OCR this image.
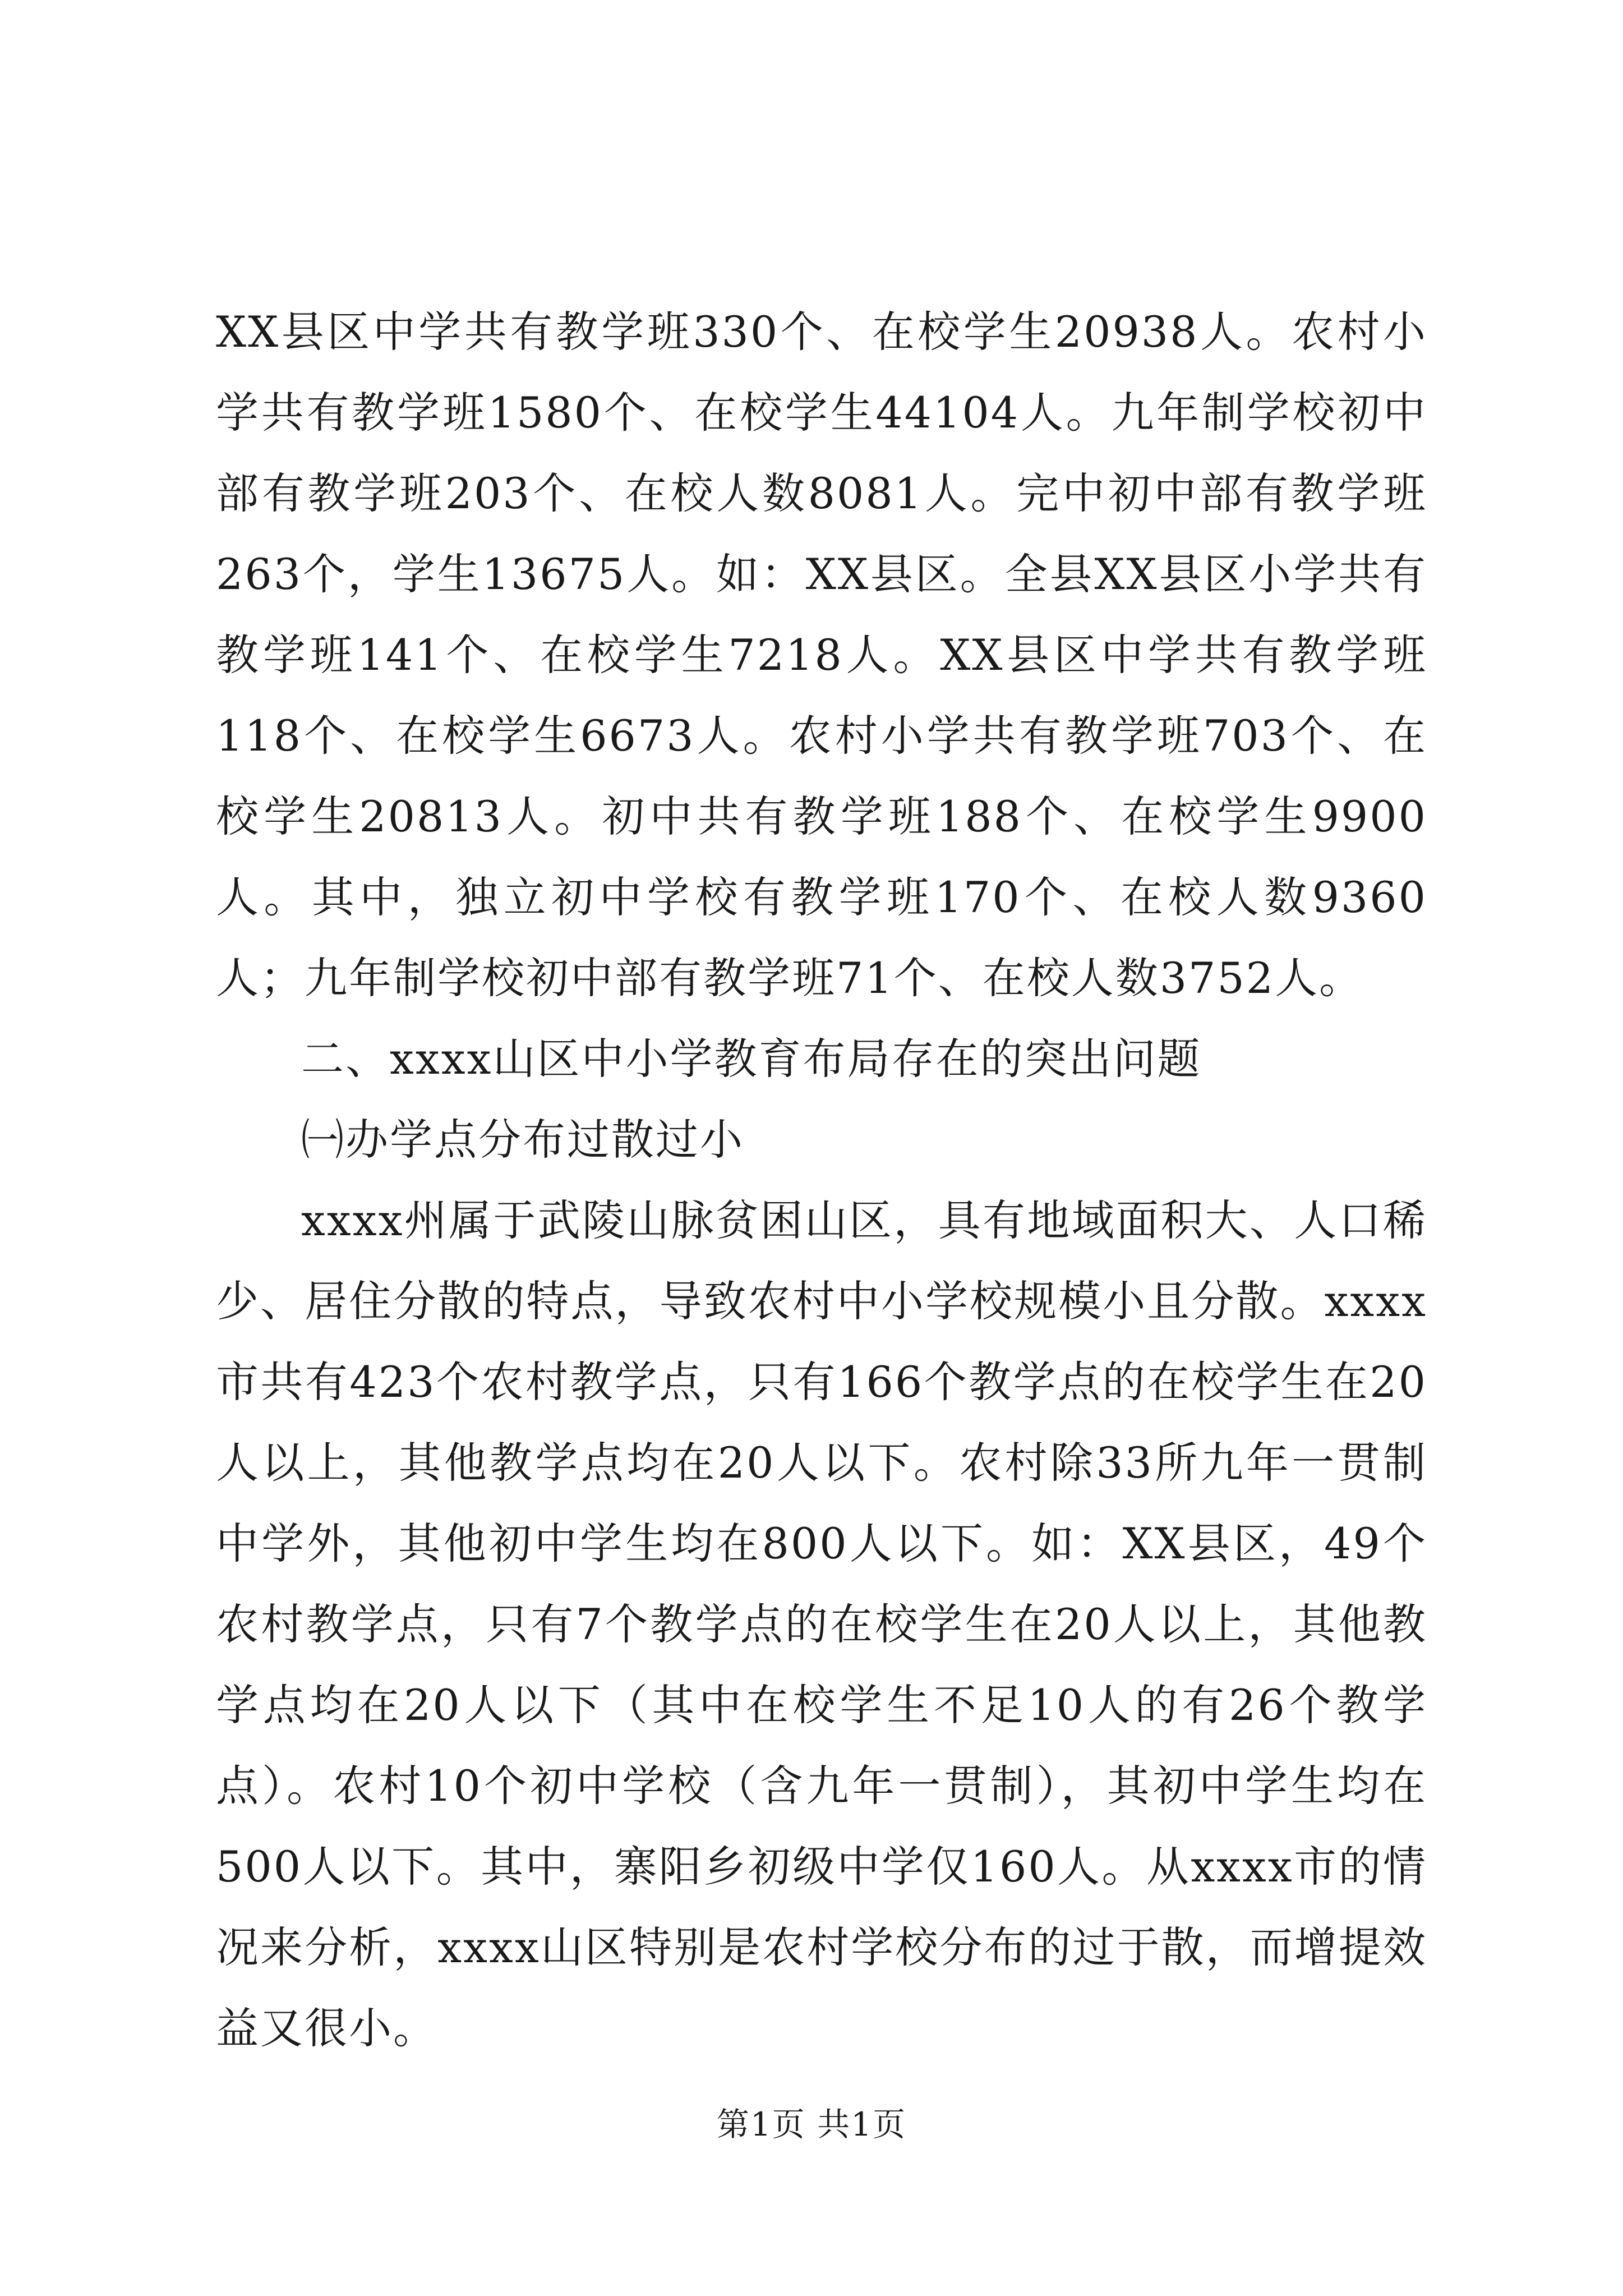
XX县区中学共有教学班330个、在校学生20938人。农村小学共有教学班1580个、在校学生44104人。九年制学校初中部有教学班203个、在校人数8081人。完中初中部有教学班263个，学生13675人。如：XX县区。全县XX县区小学共有教学班141个、在校学生7218人。XX县区中学共有教学班118个、在校学生6673人。农村小学共有教学班703个、在校学生20813人。初中共有教学班188个、在校学生9900人。其中，独立初中学校有教学班170个、在校人数9360人；九年制学校初中部有教学班71个、在校人数3752人。

二、xxxx山区中小学教育布局存在的突出问题

㈠办学点分布过散过小

xxxx州属于武陵山脉贫困山区，具有地域面积大、人口稀少、居住分散的特点，导致农村中小学校规模小且分散。xxxx市共有423个农村教学点，只有166个教学点的在校学生在20人以上，其他教学点均在20人以下。农村除33所九年一贯制中学外，其他初中学生均在800人以下。如：XX县区，49个农村教学点，只有7个教学点的在校学生在20人以上，其他教学点均在20人以下（其中在校学生不足10人的有26个教学点）。农村10个初中学校（含九年一贯制），其初中学生均在500人以下。其中，寨阳乡初级中学仅160人。从xxxx市的情况来分析，xxxx山区特别是农村学校分布的过于散，而增提效益又很小。

第1页 共1页
